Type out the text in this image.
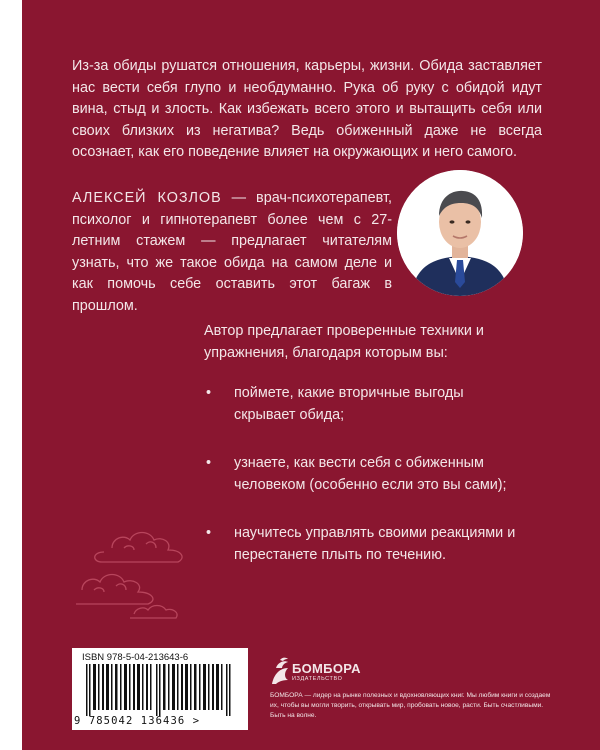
Из-за обиды рушатся отношения, карьеры, жизни. Обида заставляет нас вести себя глупо и необдуманно. Рука об руку с обидой идут вина, стыд и злость. Как избежать всего этого и вытащить себя или своих близких из негатива? Ведь обиженный даже не всегда осознает, как его поведение влияет на окружающих и него самого.

АЛЕКСЕЙ КОЗЛОВ — врач-психотерапевт, психолог и гипнотерапевт более чем с 27-летним стажем — предлагает читателям узнать, что же такое обида на самом деле и как помочь себе оставить этот багаж в прошлом.

Автор предлагает проверенные техники и упражнения, благодаря которым вы:

• поймете, какие вторичные выгоды скрывает обида;
• узнаете, как вести себя с обиженным человеком (особенно если это вы сами);
• научитесь управлять своими реакциями и перестанете плыть по течению.
ISBN 978-5-04-213643-6
9 785042 136436 >
БОМБОРА
ИЗДАТЕЛЬСТВО

БОМБОРА — лидер на рынке полезных и вдохновляющих книг. Мы любим книги и создаем их, чтобы вы могли творить, открывать мир, пробовать новое, расти. Быть счастливыми. Быть на волне.
